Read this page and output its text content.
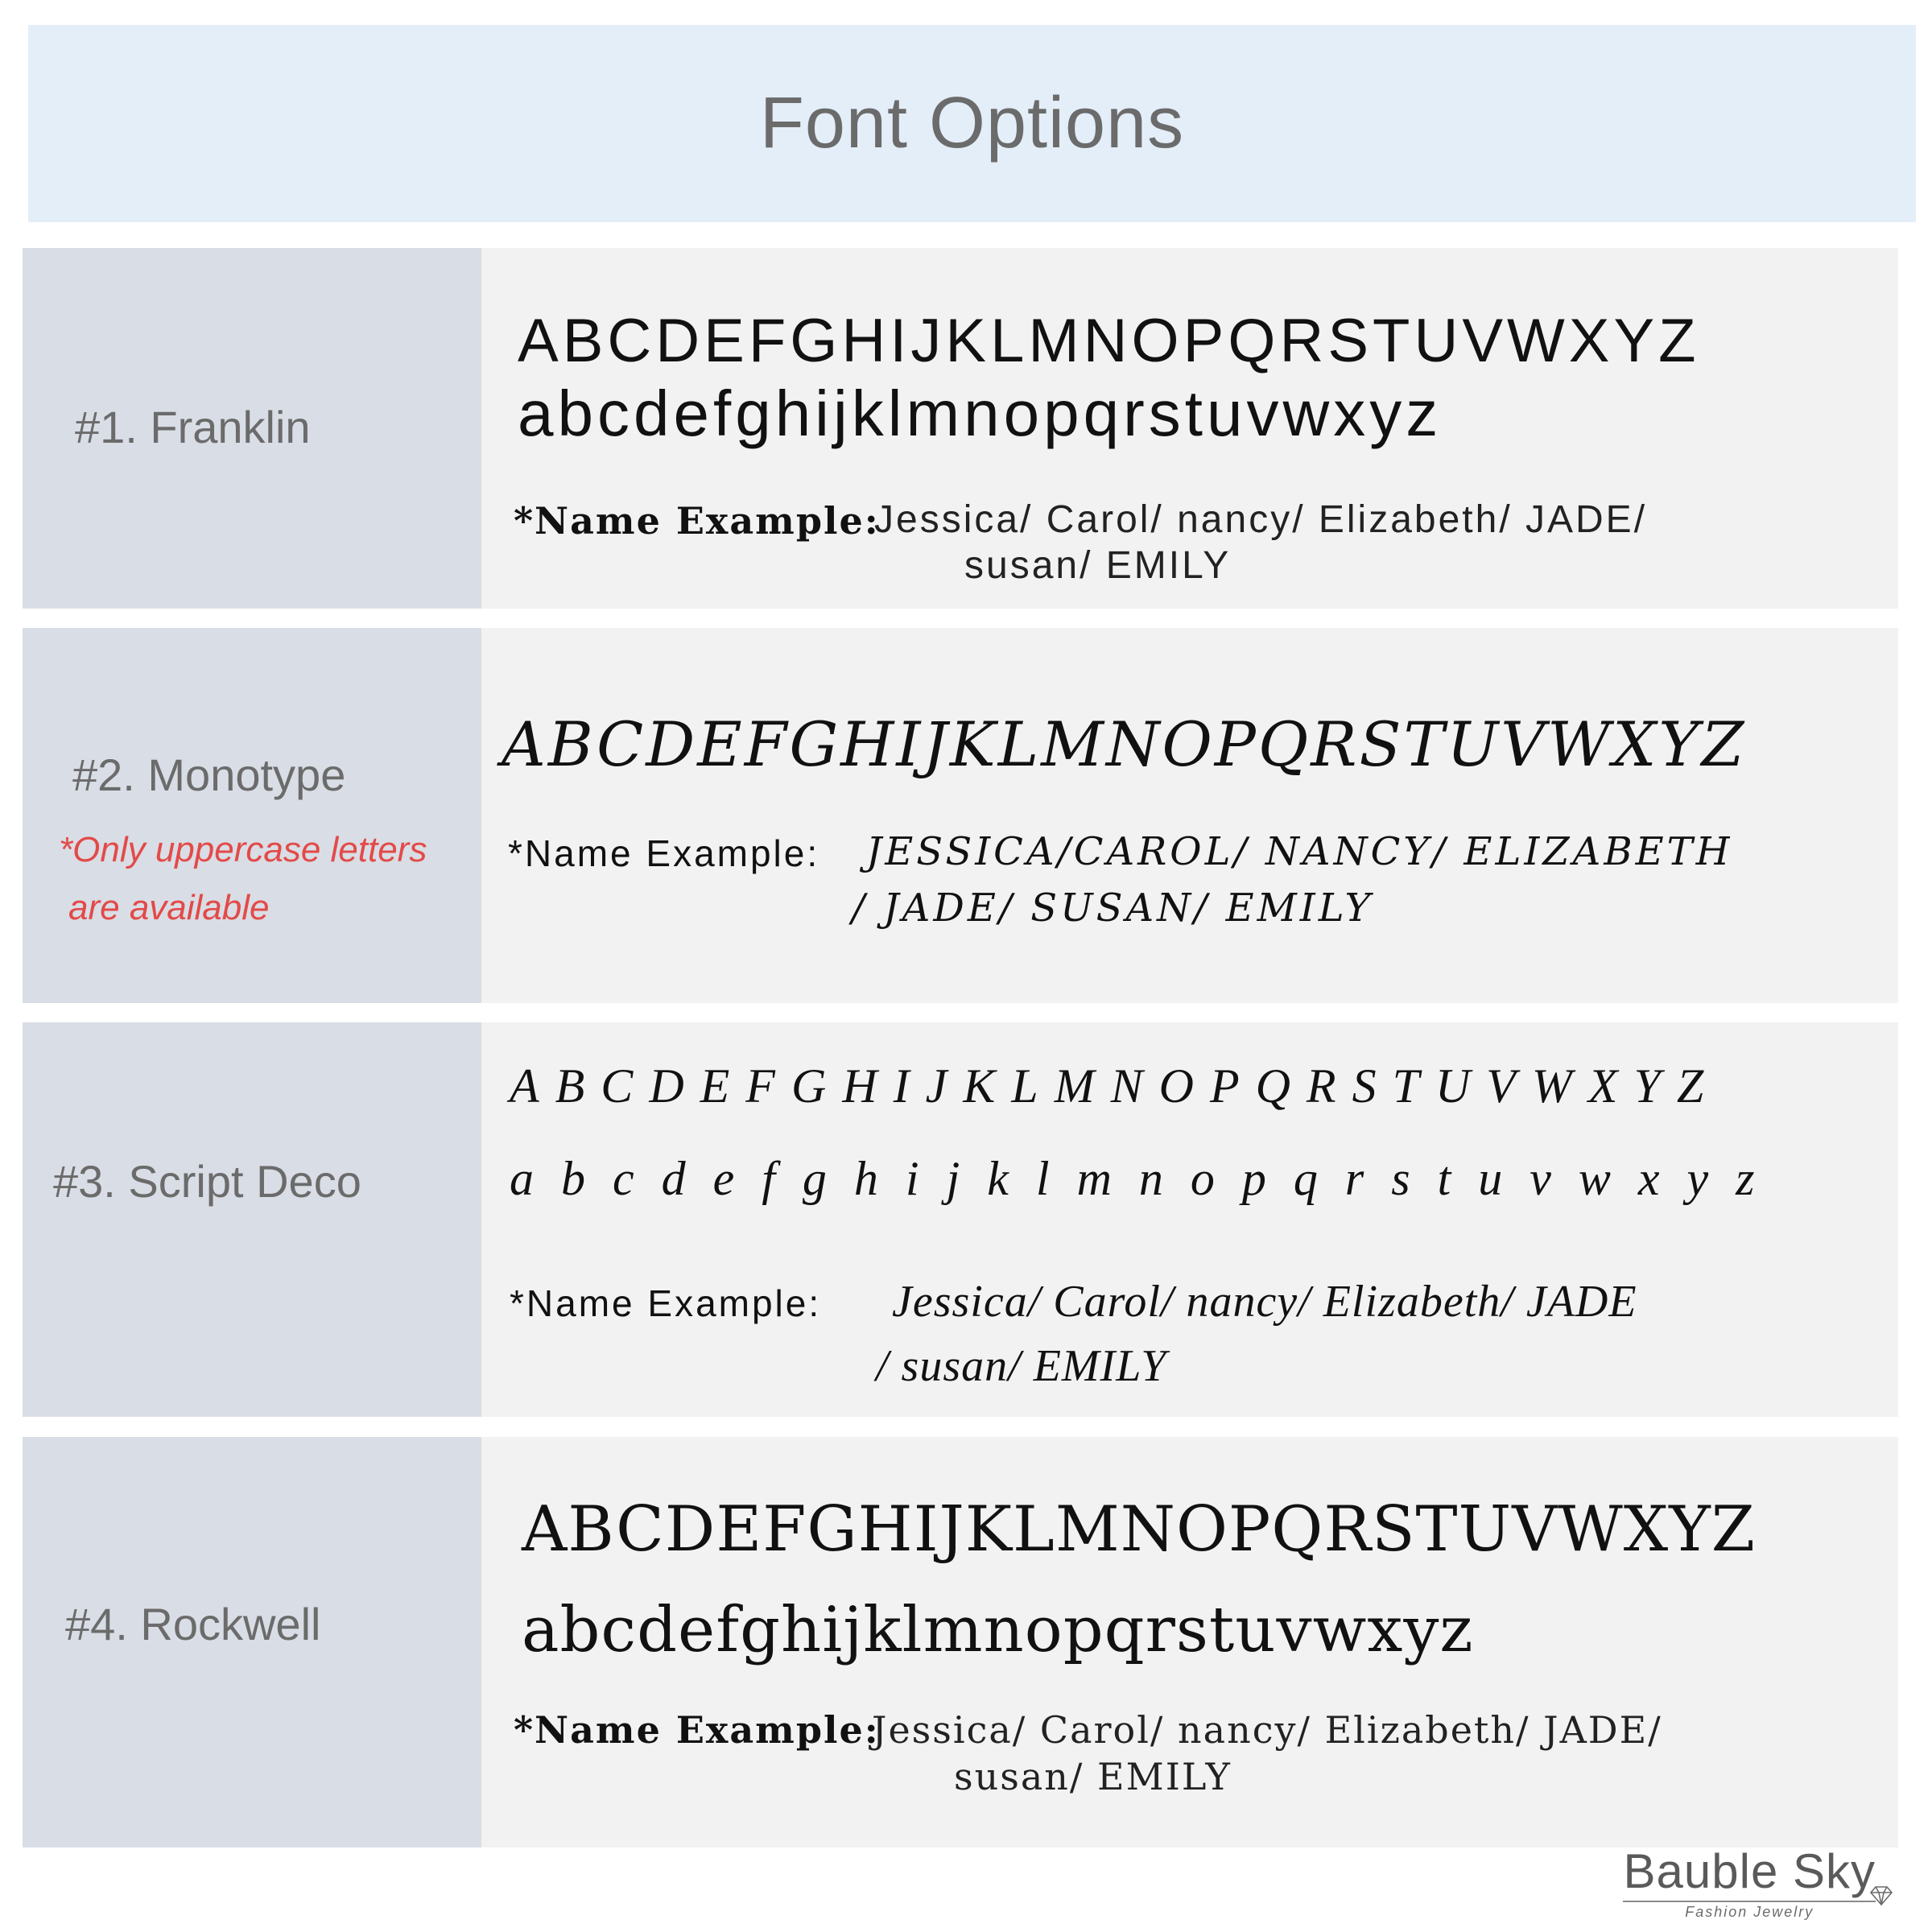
Font Options
#1. Franklin
ABCDEFGHIJKLMNOPQRSTUVWXYZ
abcdefghijklmnopqrstuvwxyz
*Name Example:
Jessica/ Carol/ nancy/ Elizabeth/ JADE/
susan/ EMILY
#2. Monotype
*Only uppercase letters
are available
ABCDEFGHIJKLMNOPQRSTUVWXYZ
*Name Example: JESSICA/CAROL/ NANCY/ ELIZABETH
/ JADE/ SUSAN/ EMILY
#3. Script Deco
ABCDEFGHIJKLMNOPQRSTUVWXYZ
abcdefghijklmnopqrstuvwxyz
*Name Example: Jessica/ Carol/ nancy/ Elizabeth/ JADE
/ susan/ EMILY
#4. Rockwell
ABCDEFGHIJKLMNOPQRSTUVWXYZ
abcdefghijklmnopqrstuvwxyz
*Name Example:
Jessica/ Carol/ nancy/ Elizabeth/ JADE/
susan/ EMILY
Bauble Sky
Fashion Jewelry
